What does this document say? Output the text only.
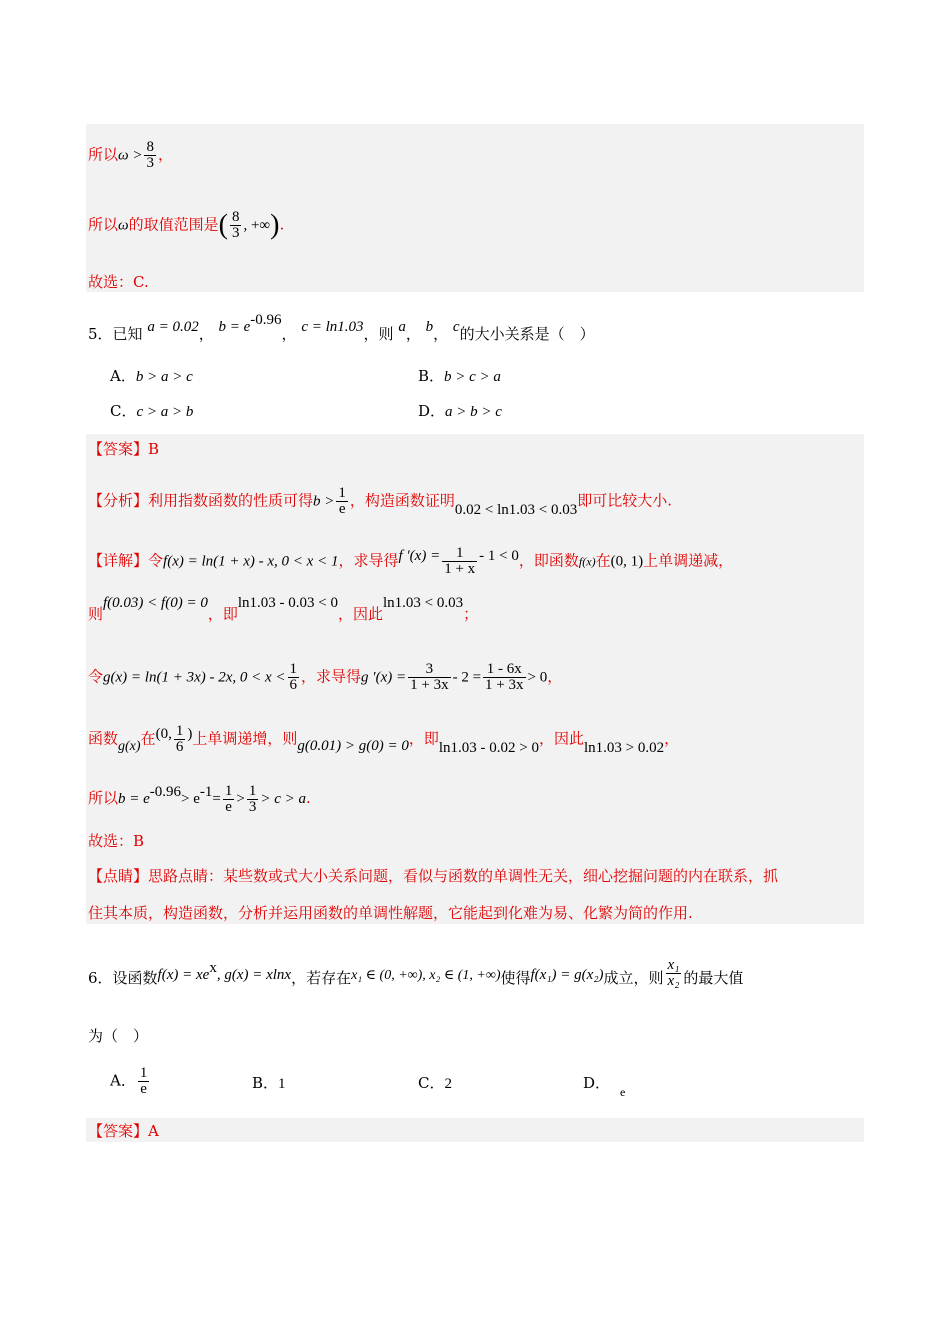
所以$\omega > \frac{8}{3}$ ，
所以ω的取值范围是( $\frac{8}{3}$ , +∞).
故选：C.
5．已知 a = 0.02， $b = e^{-0.96}$， c = ln1.03，则 a， b， c的大小关系是（　）
A．b > a > c	B．b > c > a
C．c > a > b	D．a > b > c
【答案】B
【分析】利用指数函数的性质可得$b > \frac{1}{e}$ ，构造函数证明0.02 < ln1.03 < 0.03即可比较大小.
【详解】令f(x) = ln(1 + x) - x, 0 < x < 1，求导得f $'(x) = \frac{1}{1 + x} - 1 < 0$，即函数f(x)在(0, 1)上单调递减，
则f(0.03) < f(0) = 0，即ln1.03 - 0.03 < 0，因此ln1.03 < 0.03；
令g(x) = ln(1 + 3x) - 2x, $0 < x < \frac{1}{6}$ ，求导得g $'(x) = \frac{3}{1 + 3x} - 2 = \frac{1 - 6x}{1 + 3x} > 0$，
函数g(x)在(0, $\frac{1}{6}$ )上单调递增，则g(0.01) > g(0) = 0，即ln1.03 - 0.02 > 0，因此ln1.03 > 0.02，
所以$b = e^{-0.96}> e^{-1}= \frac{1}{e} > \frac{1}{3} > c > a$.
故选：B
【点睛】思路点睛：某些数或式大小关系问题，看似与函数的单调性无关，细心挖掘问题的内在联系，抓
住其本质，构造函数，分析并运用函数的单调性解题，它能起到化难为易、化繁为简的作用.
6．设函数$f(x) = xe^x$, g(x) = xlnx，若存在x₁ ∈ (0, +∞), x₂ ∈ (1, +∞)使得f(x₁) = g(x₂)成立，则 $\frac{\text{x₁}}{\text{x₂}}$ 的最大值
为（　）
A． $\frac{1}{e}$	B．1	C．2	D． $_e$
【答案】A
